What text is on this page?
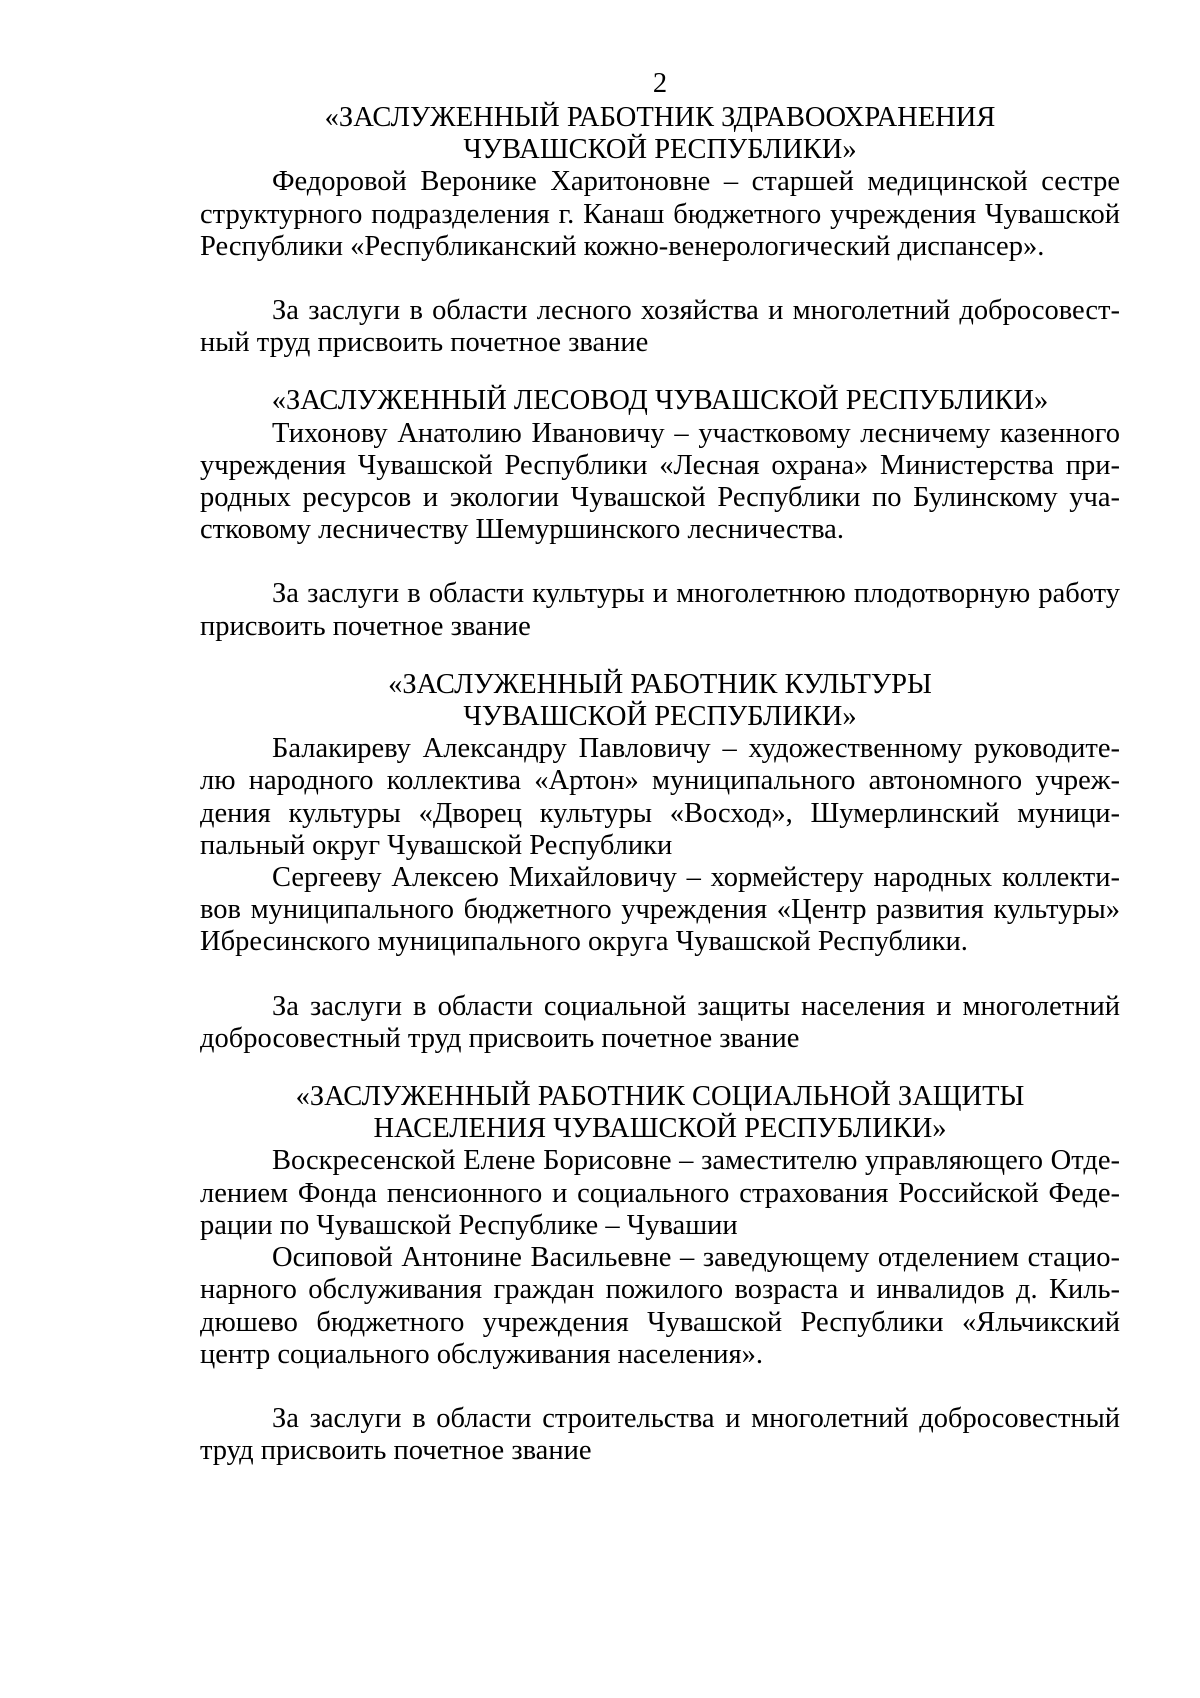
2
«ЗАСЛУЖЕННЫЙ РАБОТНИК ЗДРАВООХРАНЕНИЯ
ЧУВАШСКОЙ РЕСПУБЛИКИ»

Федоровой Веронике Харитоновне – старшей медицинской сестре структурного подразделения г. Канаш бюджетного учреждения Чувашской Республики «Республиканский кожно-венерологический диспансер».

За заслуги в области лесного хозяйства и многолетний добросовестный труд присвоить почетное звание

«ЗАСЛУЖЕННЫЙ ЛЕСОВОД ЧУВАШСКОЙ РЕСПУБЛИКИ»

Тихонову Анатолию Ивановичу – участковому лесничему казенного учреждения Чувашской Республики «Лесная охрана» Министерства природных ресурсов и экологии Чувашской Республики по Булинскому участковому лесничеству Шемуршинского лесничества.

За заслуги в области культуры и многолетнюю плодотворную работу присвоить почетное звание

«ЗАСЛУЖЕННЫЙ РАБОТНИК КУЛЬТУРЫ
ЧУВАШСКОЙ РЕСПУБЛИКИ»

Балакиреву Александру Павловичу – художественному руководителю народного коллектива «Артон» муниципального автономного учреждения культуры «Дворец культуры «Восход», Шумерлинский муниципальный округ Чувашской Республики

Сергееву Алексею Михайловичу – хормейстеру народных коллективов муниципального бюджетного учреждения «Центр развития культуры» Ибресинского муниципального округа Чувашской Республики.

За заслуги в области социальной защиты населения и многолетний добросовестный труд присвоить почетное звание

«ЗАСЛУЖЕННЫЙ РАБОТНИК СОЦИАЛЬНОЙ ЗАЩИТЫ
НАСЕЛЕНИЯ ЧУВАШСКОЙ РЕСПУБЛИКИ»

Воскресенской Елене Борисовне – заместителю управляющего Отделением Фонда пенсионного и социального страхования Российской Федерации по Чувашской Республике – Чувашии

Осиповой Антонине Васильевне – заведующему отделением стационарного обслуживания граждан пожилого возраста и инвалидов д. Кильдюшево бюджетного учреждения Чувашской Республики «Яльчикский центр социального обслуживания населения».

За заслуги в области строительства и многолетний добросовестный труд присвоить почетное звание
